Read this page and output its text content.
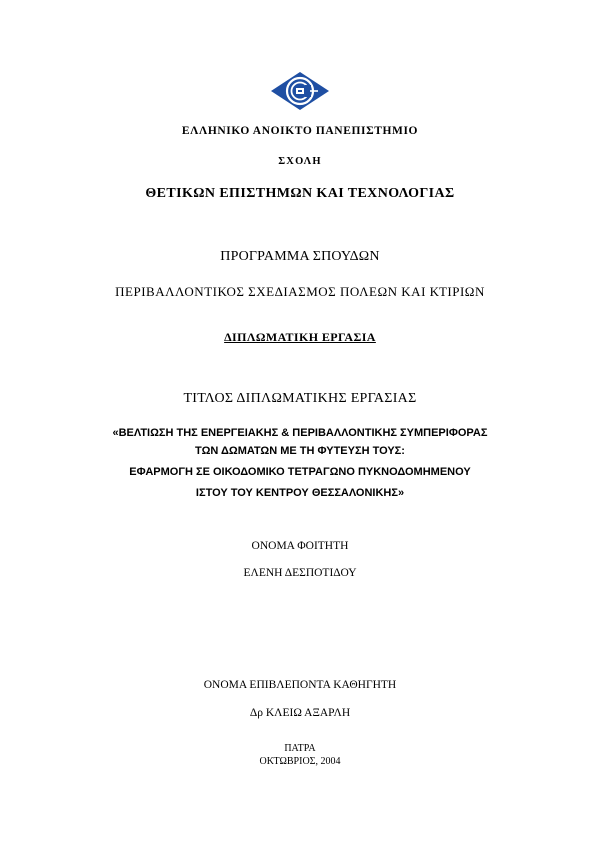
ΕΛΛΗΝΙΚΟ ΑΝΟΙΚΤΟ ΠΑΝΕΠΙΣΤΗΜΙΟ
ΣΧΟΛΗ
ΘΕΤΙΚΩΝ ΕΠΙΣΤΗΜΩΝ ΚΑΙ ΤΕΧΝΟΛΟΓΙΑΣ
ΠΡΟΓΡΑΜΜΑ ΣΠΟΥΔΩΝ
ΠΕΡΙΒΑΛΛΟΝΤΙΚΟΣ ΣΧΕΔΙΑΣΜΟΣ ΠΟΛΕΩΝ ΚΑΙ ΚΤΙΡΙΩΝ
ΔΙΠΛΩΜΑΤΙΚΗ ΕΡΓΑΣΙΑ
ΤΙΤΛΟΣ ΔΙΠΛΩΜΑΤΙΚΗΣ ΕΡΓΑΣΙΑΣ
«ΒΕΛΤΙΩΣΗ ΤΗΣ ΕΝΕΡΓΕΙΑΚΗΣ & ΠΕΡΙΒΑΛΛΟΝΤΙΚΗΣ ΣΥΜΠΕΡΙΦΟΡΑΣ
ΤΩΝ ΔΩΜΑΤΩΝ ΜΕ ΤΗ ΦΥΤΕΥΣΗ ΤΟΥΣ:
ΕΦΑΡΜΟΓΗ ΣΕ ΟΙΚΟΔΟΜΙΚΟ ΤΕΤΡΑΓΩΝΟ ΠΥΚΝΟΔΟΜΗΜΕΝΟΥ
ΙΣΤΟΥ ΤΟΥ ΚΕΝΤΡΟΥ ΘΕΣΣΑΛΟΝΙΚΗΣ»
ΟΝΟΜΑ ΦΟΙΤΗΤΗ
ΕΛΕΝΗ ΔΕΣΠΟΤΙΔΟΥ
ΟΝΟΜΑ ΕΠΙΒΛΕΠΟΝΤΑ ΚΑΘΗΓΗΤΗ
Δρ ΚΛΕΙΩ ΑΞΑΡΛΗ
ΠΑΤΡΑ
ΟΚΤΩΒΡΙΟΣ, 2004
